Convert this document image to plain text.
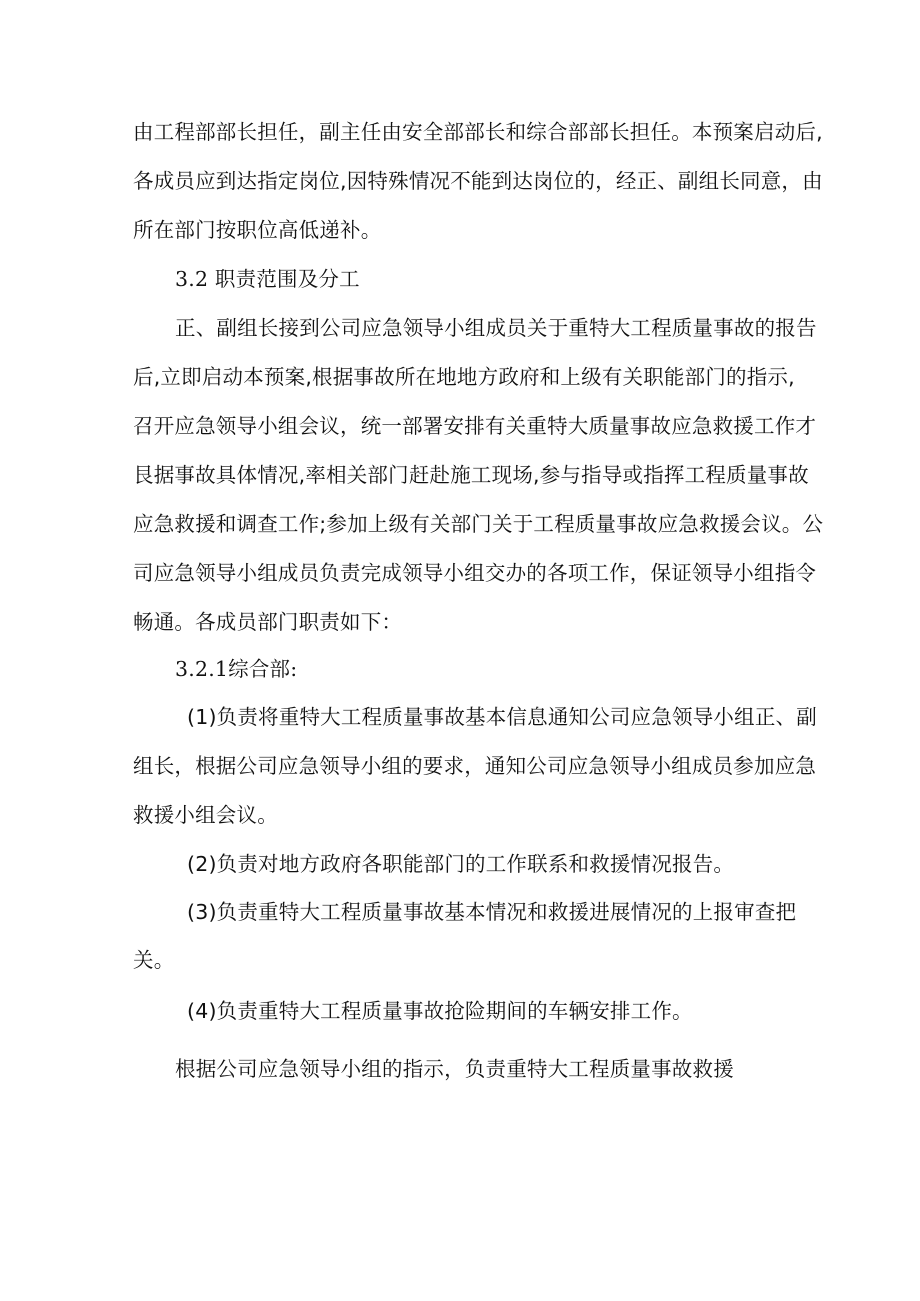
由工程部部长担任，副主任由安全部部长和综合部部长担任。本预案启动后,
各成员应到达指定岗位,因特殊情况不能到达岗位的，经正、副组长同意，由
所在部门按职位高低递补。
3.2 职责范围及分工
正、副组长接到公司应急领导小组成员关于重特大工程质量事故的报告
后,立即启动本预案,根据事故所在地地方政府和上级有关职能部门的指示,
召开应急领导小组会议，统一部署安排有关重特大质量事故应急救援工作才
艮据事故具体情况,率相关部门赶赴施工现场,参与指导或指挥工程质量事故
应急救援和调查工作;参加上级有关部门关于工程质量事故应急救援会议。公
司应急领导小组成员负责完成领导小组交办的各项工作，保证领导小组指令
畅通。各成员部门职责如下：
3.2.1综合部:
(1)负责将重特大工程质量事故基本信息通知公司应急领导小组正、副
组长，根据公司应急领导小组的要求，通知公司应急领导小组成员参加应急
救援小组会议。
(2)负责对地方政府各职能部门的工作联系和救援情况报告。
(3)负责重特大工程质量事故基本情况和救援进展情况的上报审查把
关。
(4)负责重特大工程质量事故抢险期间的车辆安排工作。
根据公司应急领导小组的指示，负责重特大工程质量事故救援
